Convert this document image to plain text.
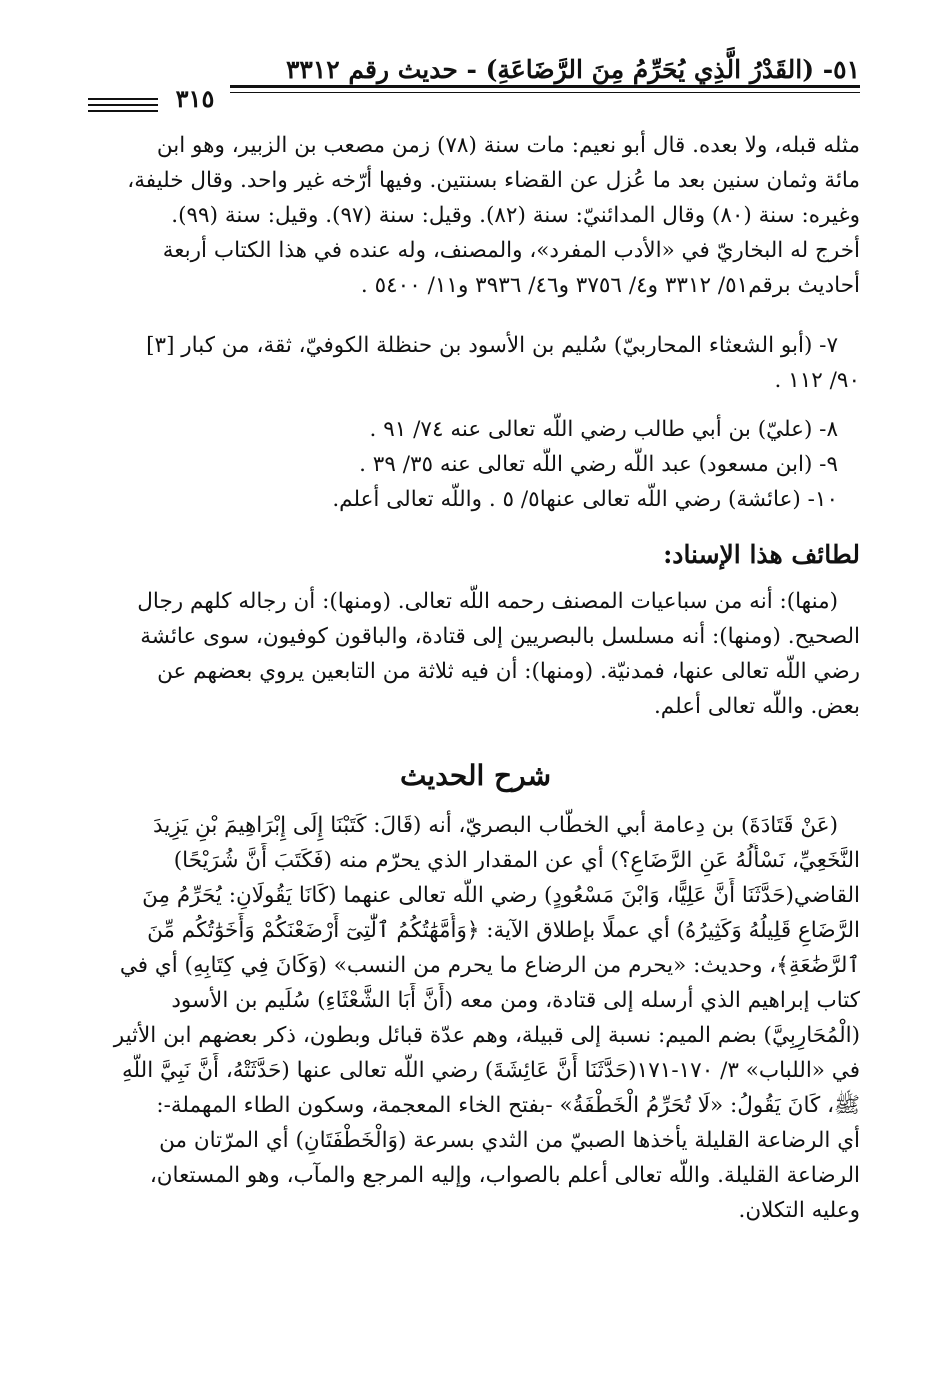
٥١- (القَدْرُ الَّذِي يُحَرِّمُ مِنَ الرَّضَاعَةِ) - حديث رقم ٣٣١٢
٣١٥
مثله قبله، ولا بعده. قال أبو نعيم: مات سنة (٧٨) زمن مصعب بن الزبير، وهو ابن
مائة وثمان سنين بعد ما عُزل عن القضاء بسنتين. وفيها أرّخه غير واحد. وقال خليفة،
وغيره: سنة (٨٠) وقال المدائنيّ: سنة (٨٢). وقيل: سنة (٩٧). وقيل: سنة (٩٩).
أخرج له البخاريّ في «الأدب المفرد»، والمصنف، وله عنده في هذا الكتاب أربعة
أحاديث برقم٥١/ ٣٣١٢ و٤/ ٣٧٥٦ و٤٦/ ٣٩٣٦ و١١/ ٥٤٠٠ .
٧- (أبو الشعثاء المحاربيّ) سُليم بن الأسود بن حنظلة الكوفيّ، ثقة، من كبار [٣]
٩٠/ ١١٢ .
٨- (عليّ) بن أبي طالب رضي اللَّه تعالى عنه ٧٤/ ٩١ .
٩- (ابن مسعود) عبد اللَّه رضي اللَّه تعالى عنه ٣٥/ ٣٩ .
١٠- (عائشة) رضي اللَّه تعالى عنها٥/ ٥ . واللَّه تعالى أعلم.
لطائف هذا الإسناد:
(منها): أنه من سباعيات المصنف رحمه اللَّه تعالى. (ومنها): أن رجاله كلهم رجال
الصحيح. (ومنها): أنه مسلسل بالبصريين إلى قتادة، والباقون كوفيون، سوى عائشة
رضي اللَّه تعالى عنها، فمدنيّة. (ومنها): أن فيه ثلاثة من التابعين يروي بعضهم عن
بعض. واللَّه تعالى أعلم.
شرح الحديث
(عَنْ قَتَادَةَ) بن دِعامة أبي الخطّاب البصريّ، أنه (قَالَ: كَتَبْنَا إِلَى إِبْرَاهِيمَ بْنِ يَزِيدَ
النَّخَعِيِّ، نَسْأَلُهُ عَنِ الرَّضَاعِ؟) أي عن المقدار الذي يحرّم منه (فَكَتَبَ أَنَّ شُرَيْحًا)
القاضي(حَدَّثَنَا أَنَّ عَلِيًّا، وَابْنَ مَسْعُودٍ) رضي اللَّه تعالى عنهما (كَانَا يَقُولَانِ: يُحَرِّمُ مِنَ
الرَّضَاعِ قَلِيلُهُ وَكَثِيرُهُ) أي عملًا بإطلاق الآية: ﴿وَأُمَّهَٰتُكُمُ ٱلَّٰتِىٓ أَرْضَعْنَكُمْ وَأَخَوَٰتُكُم مِّنَ
ٱلرَّضَٰعَةِ﴾، وحديث: «يحرم من الرضاع ما يحرم من النسب» (وَكَانَ فِي كِتَابِهِ) أي في
كتاب إبراهيم الذي أرسله إلى قتادة، ومن معه (أَنَّ أَبَا الشَّعْثَاءِ) سُلَيم بن الأسود
(الْمُحَارِبِيَّ) بضم الميم: نسبة إلى قبيلة، وهم عدّة قبائل وبطون، ذكر بعضهم ابن الأثير
في «اللباب» ٣/ ١٧٠-١٧١(حَدَّثَنَا أَنَّ عَائِشَةَ) رضي اللَّه تعالى عنها (حَدَّثَتْهُ، أَنَّ نَبِيَّ اللَّهِ
ﷺ، كَانَ يَقُولُ: «لَا تُحَرِّمُ الْخَطْفَةُ» -بفتح الخاء المعجمة، وسكون الطاء المهملة-:
أي الرضاعة القليلة يأخذها الصبيّ من الثدي بسرعة (وَالْخَطْفَتَانِ) أي المرّتان من
الرضاعة القليلة. واللَّه تعالى أعلم بالصواب، وإليه المرجع والمآب، وهو المستعان،
وعليه التكلان.
